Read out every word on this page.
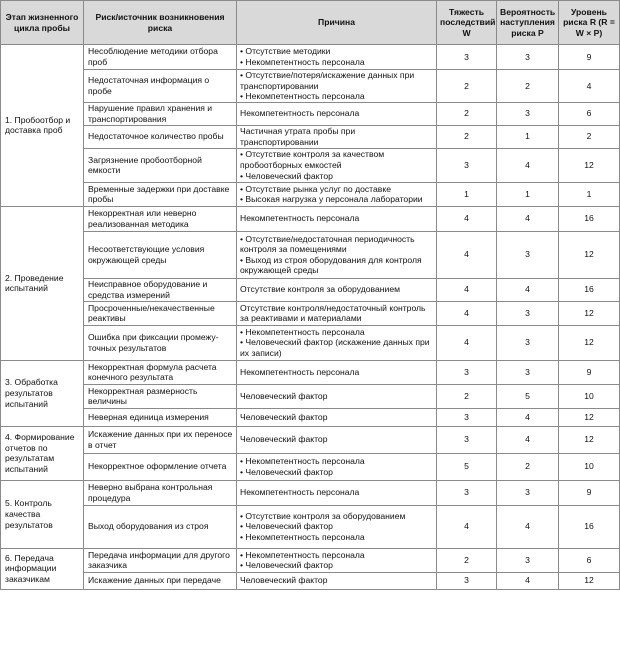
Этап жизненного цикла пробы	Риск/источник возникновения риска	Причина	Тяжесть последствий W	Вероятность наступления риска P	Уровень риска R (R = W × P)
1. Пробоотбор и доставка проб	Несоблюдение методики отбора проб	• Отсутствие методики
• Некомпетентность персонала	3	3	9
	Недостаточная информация о пробе	• Отсутствие/потеря/искажение данных при транспортировании
• Некомпетентность персонала	2	2	4
	Нарушение правил хранения и транспортирования	Некомпетентность персонала	2	3	6
	Недостаточное количество пробы	Частичная утрата пробы при транспортировании	2	1	2
	Загрязнение пробоотборной емкости	• Отсутствие контроля за качеством пробоотборных емкостей
• Человеческий фактор	3	4	12
	Временные задержки при доставке пробы	• Отсутствие рынка услуг по доставке
• Высокая нагрузка у персонала лаборатории	1	1	1
2. Проведение испытаний	Некорректная или неверно реализованная методика	Некомпетентность персонала	4	4	16
	Несоответствующие условия окружающей среды	• Отсутствие/недостаточная периодичность контроля за помещениями
• Выход из строя оборудования для контроля окружающей среды	4	3	12
	Неисправное оборудование и средства измерений	Отсутствие контроля за оборудованием	4	4	16
	Просроченные/некачественные реактивы	Отсутствие контроля/недостаточный контроль за реактивами и материалами	4	3	12
	Ошибка при фиксации промежу-точных результатов	• Некомпетентность персонала
• Человеческий фактор (искажение данных при их записи)	4	3	12
3. Обработка результатов испытаний	Некорректная формула расчета конечного результата	Некомпетентность персонала	3	3	9
	Некорректная размерность величины	Человеческий фактор	2	5	10
	Неверная единица измерения	Человеческий фактор	3	4	12
4. Формирование отчетов по результатам испытаний	Искажение данных при их переносе в отчет	Человеческий фактор	3	4	12
	Некорректное оформление отчета	• Некомпетентность персонала
• Человеческий фактор	5	2	10
5. Контроль качества результатов	Неверно выбрана контрольная процедура	Некомпетентность персонала	3	3	9
	Выход оборудования из строя	• Отсутствие контроля за оборудованием
• Человеческий фактор
• Некомпетентность персонала	4	4	16
6. Передача информации заказчикам	Передача информации для другого заказчика	• Некомпетентность персонала
• Человеческий фактор	2	3	6
	Искажение данных при передаче	Человеческий фактор	3	4	12
